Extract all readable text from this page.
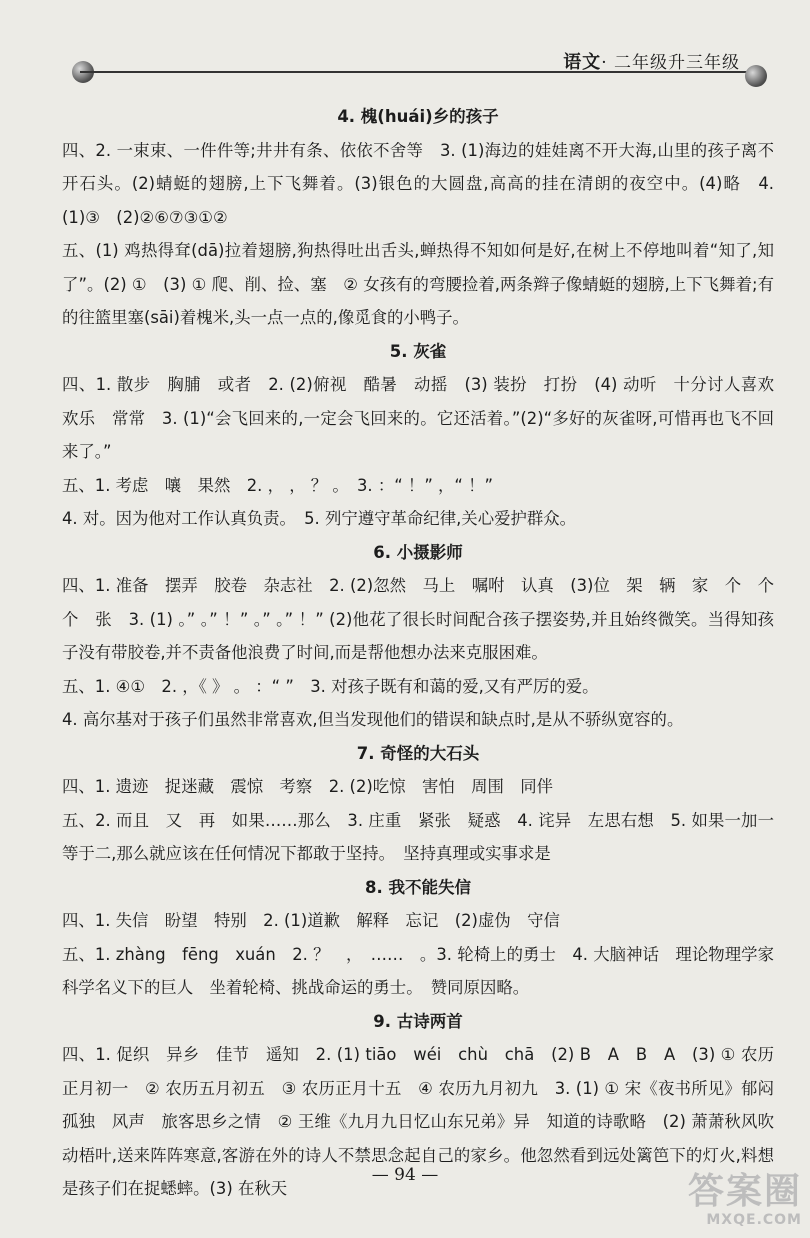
语文· 二年级升三年级

4. 槐(huái)乡的孩子

四、2. 一束束、一件件等;井井有条、依依不舍等　3. (1)海边的娃娃离不开大海,山里的孩子离不开石头。(2)蜻蜓的翅膀,上下飞舞着。(3)银色的大圆盘,高高的挂在清朗的夜空中。(4)略　4. (1)③　(2)②⑥⑦③①②

五、(1) 鸡热得耷(dā)拉着翅膀,狗热得吐出舌头,蝉热得不知如何是好,在树上不停地叫着“知了,知了”。(2) ①　(3) ① 爬、削、捡、塞　② 女孩有的弯腰捡着,两条辫子像蜻蜓的翅膀,上下飞舞着;有的往篮里塞(sāi)着槐米,头一点一点的,像觅食的小鸭子。

5. 灰雀

四、1. 散步　胸脯　或者　2. (2)俯视　酷暑　动摇　(3) 装扮　打扮　(4) 动听　十分讨人喜欢　欢乐　常常　3. (1)“会飞回来的,一定会飞回来的。它还活着。”(2)“多好的灰雀呀,可惜再也飞不回来了。”

五、1. 考虑　嚷　果然　2. ， ， ？ 。　3. ：“ ！” ，“ ！”

4. 对。因为他对工作认真负责。　5. 列宁遵守革命纪律,关心爱护群众。

6. 小摄影师

四、1. 准备　摆弄　胶卷　杂志社　2. (2)忽然　马上　嘱咐　认真　(3)位　架　辆　家　个　个　个　张　3. (1) 。” 。” ！” 。” 。” ！” (2)他花了很长时间配合孩子摆姿势,并且始终微笑。当得知孩子没有带胶卷,并不责备他浪费了时间,而是帮他想办法来克服困难。

五、1. ④①　2. ，《 》 。 ：“ ”　3. 对孩子既有和蔼的爱,又有严厉的爱。

4. 高尔基对于孩子们虽然非常喜欢,但当发现他们的错误和缺点时,是从不骄纵宽容的。

7. 奇怪的大石头

四、1. 遗迹　捉迷藏　震惊　考察　2. (2)吃惊　害怕　周围　同伴

五、2. 而且　又　再　如果……那么　3. 庄重　紧张　疑惑　4. 诧异　左思右想　5. 如果一加一等于二,那么就应该在任何情况下都敢于坚持。　坚持真理或实事求是

8. 我不能失信

四、1. 失信　盼望　特别　2. (1)道歉　解释　忘记　(2)虚伪　守信

五、1. zhàng　fēng　xuán　2. ？　，　……　。3. 轮椅上的勇士　4. 大脑神话　理论物理学家　科学名义下的巨人　坐着轮椅、挑战命运的勇士。　赞同原因略。

9. 古诗两首

四、1. 促织　异乡　佳节　遥知　2. (1) tiāo　wéi　chù　chā　(2) B　A　B　A　(3) ① 农历正月初一　② 农历五月初五　③ 农历正月十五　④ 农历九月初九　3. (1) ① 宋《夜书所见》郁闷孤独　风声　旅客思乡之情　② 王维《九月九日忆山东兄弟》异　知道的诗歌略　(2) 萧萧秋风吹动梧叶,送来阵阵寒意,客游在外的诗人不禁思念起自己的家乡。他忽然看到远处篱笆下的灯火,料想是孩子们在捉蟋蟀。(3) 在秋天

— 94 —	答案圈
MXQE.COM
